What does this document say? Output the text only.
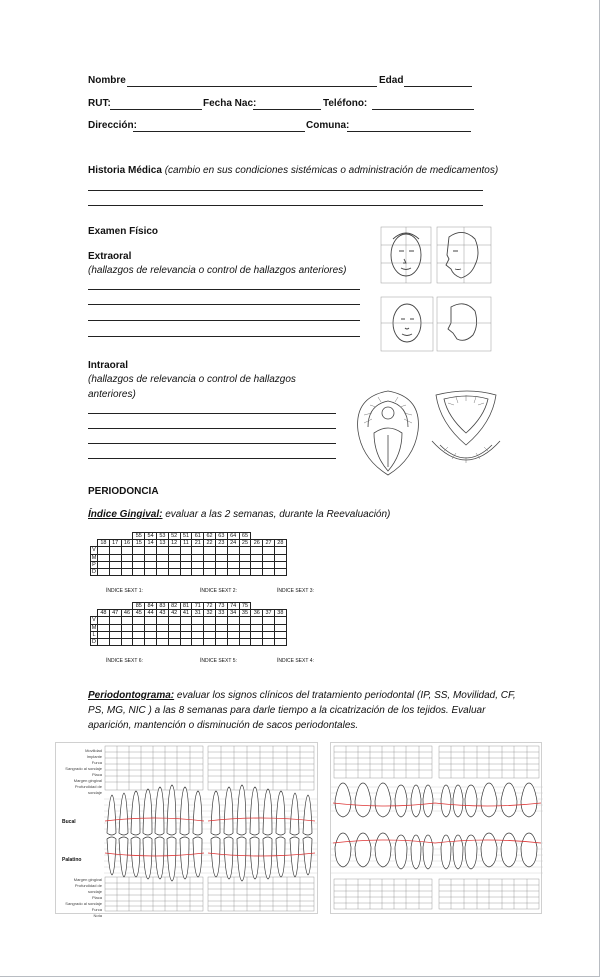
Nombre	Edad
RUT:	Fecha Nac:	Teléfono:
Dirección:	Comuna:
Historia Médica (cambio en sus condiciones sistémicas o administración de medicamentos)
Examen Físico
Extraoral
(hallazgos de relevancia o control de hallazgos anteriores)
Intraoral
(hallazgos de relevancia o control de hallazgos
anteriores)
PERIODONCIA
Índice Gingival: evaluar a las 2 semanas, durante la Reevaluación)
				55	54	53	52	51	61	62	63	64	65			
	18	17	16	15	14	13	12	11	21	22	23	24	25	26	27	28
V																
M																
P																
D																
ÍNDICE SEXT 1:	ÍNDICE SEXT 2:	ÍNDICE SEXT 3:
				85	84	83	82	81	71	72	73	74	75			
	48	47	46	45	44	43	42	41	31	32	33	34	35	36	37	38
V																
M																
L																
D																
ÍNDICE SEXT 6:	ÍNDICE SEXT 5:	ÍNDICE SEXT 4:
Periodontograma: evaluar los signos clínicos del tratamiento periodontal (IP, SS, Movilidad, CF, PS, MG, NIC ) a las 8 semanas para darle tiempo a la cicatrización de los tejidos. Evaluar aparición, mantención o disminución de sacos periodontales.
Movilidad
Implante
Furca
Sangrado al sondaje
Placa
Margen gingival
Profundidad de sondaje
Bucal
Palatino
Margen gingival
Profundidad de sondaje
Placa
Sangrado al sondaje
Furca
Nota
